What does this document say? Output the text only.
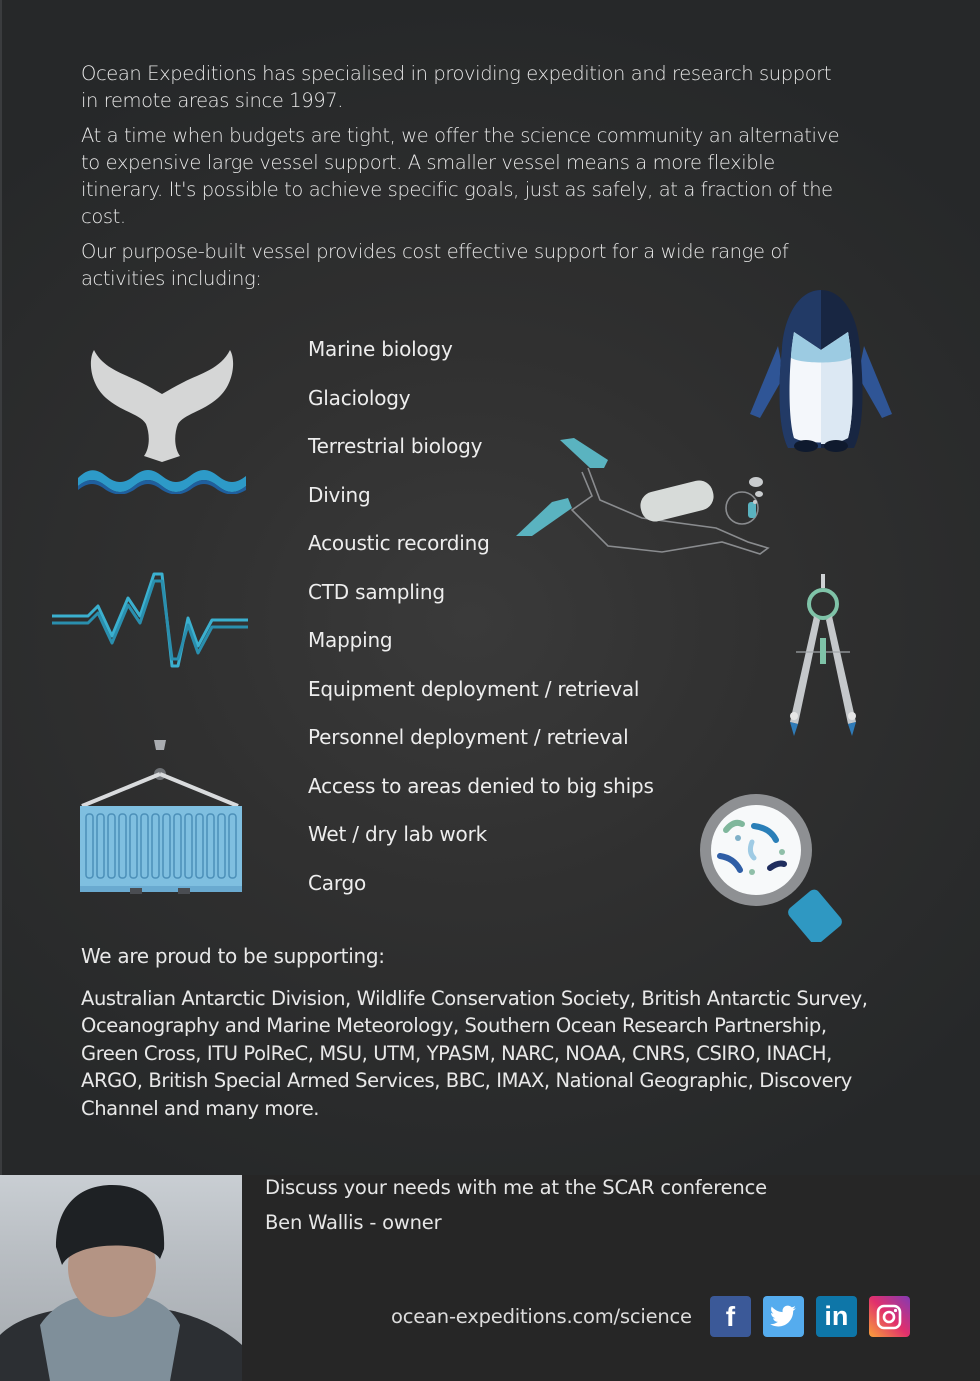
Ocean Expeditions has specialised in providing expedition and research support in remote areas since 1997.

At a time when budgets are tight, we offer the science community an alternative to expensive large vessel support. A smaller vessel means a more flexible itinerary. It's possible to achieve specific goals, just as safely, at a fraction of the cost.

Our purpose-built vessel provides cost effective support for a wide range of activities including:

Marine biology
Glaciology
Terrestrial biology
Diving
Acoustic recording
CTD sampling
Mapping
Equipment deployment / retrieval
Personnel deployment / retrieval
Access to areas denied to big ships
Wet / dry lab work
Cargo
We are proud to be supporting:

Australian Antarctic Division, Wildlife Conservation Society, British Antarctic Survey, Oceanography and Marine Meteorology, Southern Ocean Research Partnership, Green Cross, ITU PolReC, MSU, UTM, YPASM, NARC, NOAA, CNRS, CSIRO, INACH, ARGO, British Special Armed Services, BBC, IMAX, National Geographic, Discovery Channel and many more.

Discuss your needs with me at the SCAR conference
Ben Wallis - owner
ocean-expeditions.com/science f	in
